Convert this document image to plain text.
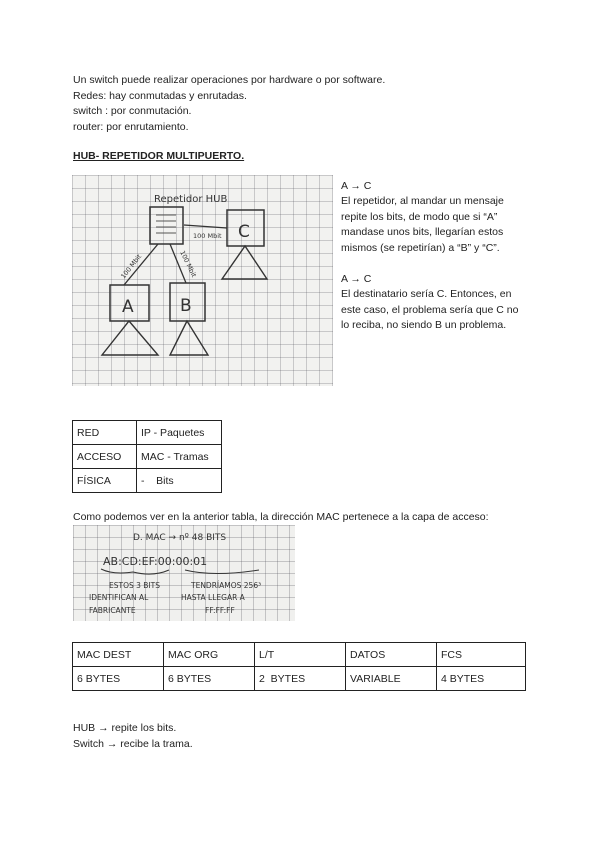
Un switch puede realizar operaciones por hardware o por software.
Redes: hay conmutadas y enrutadas.
switch : por conmutación.
router: por enrutamiento.
HUB- REPETIDOR MULTIPUERTO.
Repetidor HUB
C
A	B
100 Mbit
100 Mbit	100 Mbit
A → C
El repetidor, al mandar un mensaje repite los bits, de modo que si “A” mandase unos bits, llegarían estos mismos (se repetirían) a “B” y “C”.
A → C
El destinatario sería C. Entonces, en este caso, el problema sería que C no lo reciba, no siendo B un problema.
RED	IP - Paquetes
ACCESO	MAC - Tramas
FÍSICA	-    Bits
Como podemos ver en la anterior tabla, la dirección MAC pertenece a la capa de acceso:
D. MAC → nº 48 BITS
AB:CD:EF:00:00:01
ESTOS 3 BITS	TENDRÍAMOS 256³
IDENTIFICAN AL	HASTA LLEGAR A
FABRICANTE	FF:FF:FF
MAC DEST	MAC ORG	L/T	DATOS	FCS
6 BYTES	6 BYTES	2  BYTES	VARIABLE	4 BYTES
HUB → repite los bits.
Switch → recibe la trama.
